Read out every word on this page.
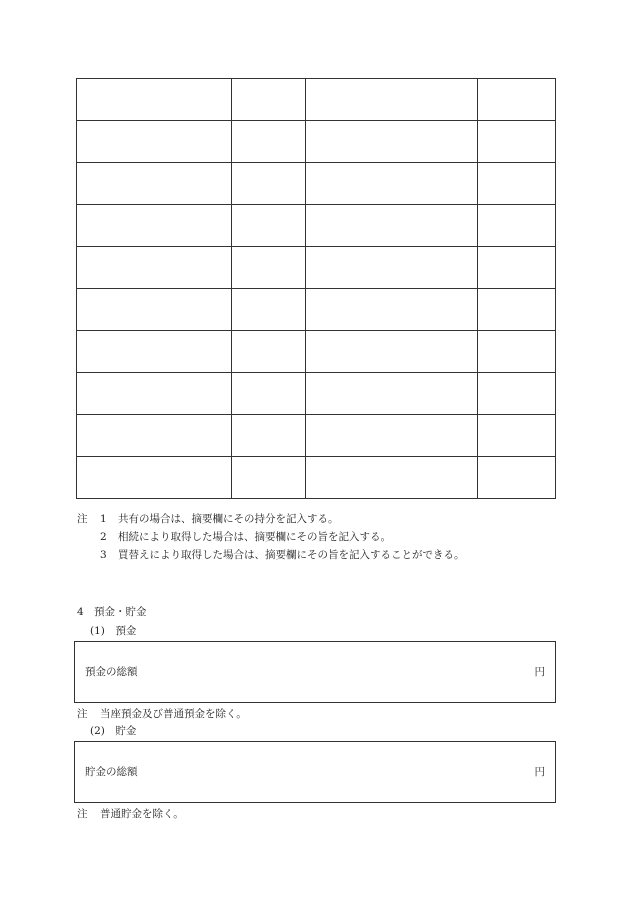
注 1 共有の場合は、摘要欄にその持分を記入する。
2 相続により取得した場合は、摘要欄にその旨を記入する。
3 買替えにより取得した場合は、摘要欄にその旨を記入することができる。
4 預金・貯金
(1)　預金
預金の総額	円
注 当座預金及び普通預金を除く。
(2)　貯金
貯金の総額	円
注 普通貯金を除く。
